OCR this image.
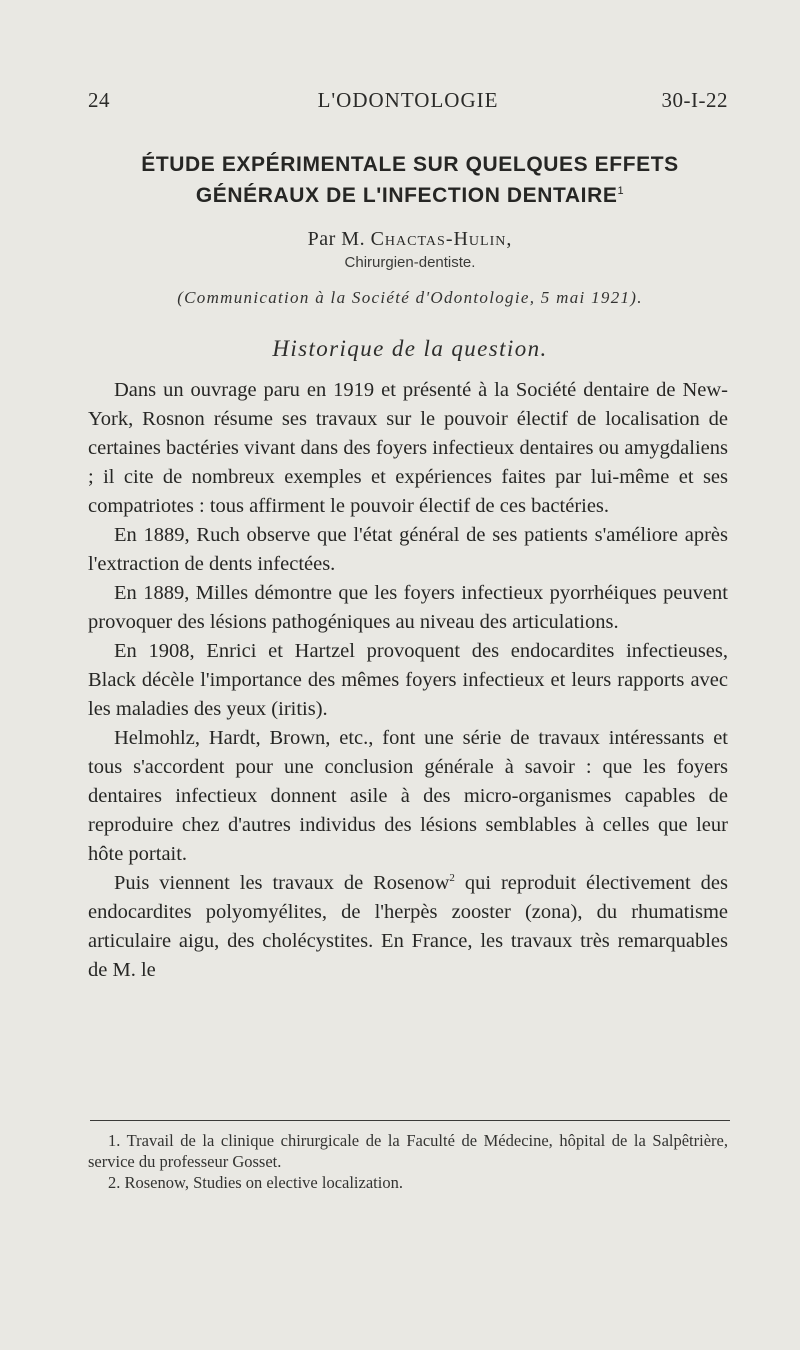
24	L'ODONTOLOGIE	30-I-22
ÉTUDE EXPÉRIMENTALE SUR QUELQUES EFFETS
GÉNÉRAUX DE L'INFECTION DENTAIRE$^1$
Par M. Chactas-Hulin,
Chirurgien-dentiste.
(Communication à la Société d'Odontologie, 5 mai 1921).
Historique de la question.

Dans un ouvrage paru en 1919 et présenté à la Société dentaire de New-York, Rosnon résume ses travaux sur le pouvoir électif de localisation de certaines bactéries vivant dans des foyers infectieux dentaires ou amygdaliens ; il cite de nombreux exemples et expériences faites par lui-même et ses compatriotes : tous affirment le pouvoir électif de ces bactéries.

En 1889, Ruch observe que l'état général de ses patients s'améliore après l'extraction de dents infectées.

En 1889, Milles démontre que les foyers infectieux pyorrhéiques peuvent provoquer des lésions pathogéniques au niveau des articulations.

En 1908, Enrici et Hartzel provoquent des endocardites infectieuses, Black décèle l'importance des mêmes foyers infectieux et leurs rapports avec les maladies des yeux (iritis).

Helmohlz, Hardt, Brown, etc., font une série de travaux intéressants et tous s'accordent pour une conclusion générale à savoir : que les foyers dentaires infectieux donnent asile à des micro-organismes capables de reproduire chez d'autres individus des lésions semblables à celles que leur hôte portait.

Puis viennent les travaux de Rosenow$^2$ qui reproduit électivement des endocardites polyomyélites, de l'herpès zooster (zona), du rhumatisme articulaire aigu, des cholécystites. En France, les travaux très remarquables de M. le

1. Travail de la clinique chirurgicale de la Faculté de Médecine, hôpital de la Salpêtrière, service du professeur Gosset.

2. Rosenow, Studies on elective localization.
